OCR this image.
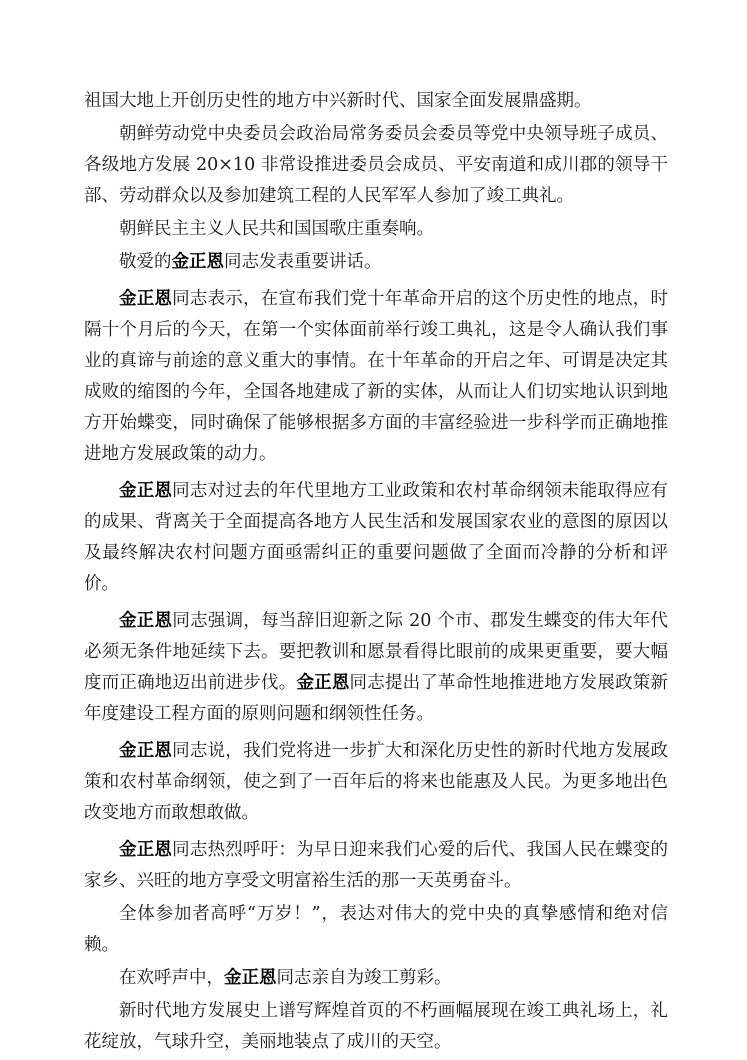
祖国大地上开创历史性的地方中兴新时代、国家全面发展鼎盛期。

朝鲜劳动党中央委员会政治局常务委员会委员等党中央领导班子成员、各级地方发展 20×10 非常设推进委员会成员、平安南道和成川郡的领导干部、劳动群众以及参加建筑工程的人民军军人参加了竣工典礼。

朝鲜民主主义人民共和国国歌庄重奏响。

敬爱的金正恩同志发表重要讲话。

金正恩同志表示，在宣布我们党十年革命开启的这个历史性的地点，时隔十个月后的今天，在第一个实体面前举行竣工典礼，这是令人确认我们事业的真谛与前途的意义重大的事情。在十年革命的开启之年、可谓是决定其成败的缩图的今年，全国各地建成了新的实体，从而让人们切实地认识到地方开始蝶变，同时确保了能够根据多方面的丰富经验进一步科学而正确地推进地方发展政策的动力。

金正恩同志对过去的年代里地方工业政策和农村革命纲领未能取得应有的成果、背离关于全面提高各地方人民生活和发展国家农业的意图的原因以及最终解决农村问题方面亟需纠正的重要问题做了全面而冷静的分析和评价。

金正恩同志强调，每当辞旧迎新之际 20 个市、郡发生蝶变的伟大年代必须无条件地延续下去。要把教训和愿景看得比眼前的成果更重要，要大幅度而正确地迈出前进步伐。金正恩同志提出了革命性地推进地方发展政策新年度建设工程方面的原则问题和纲领性任务。

金正恩同志说，我们党将进一步扩大和深化历史性的新时代地方发展政策和农村革命纲领，使之到了一百年后的将来也能惠及人民。为更多地出色改变地方而敢想敢做。

金正恩同志热烈呼吁：为早日迎来我们心爱的后代、我国人民在蝶变的家乡、兴旺的地方享受文明富裕生活的那一天英勇奋斗。

全体参加者高呼“万岁！”，表达对伟大的党中央的真挚感情和绝对信赖。

在欢呼声中，金正恩同志亲自为竣工剪彩。

新时代地方发展史上谱写辉煌首页的不朽画幅展现在竣工典礼场上，礼花绽放，气球升空，美丽地装点了成川的天空。
